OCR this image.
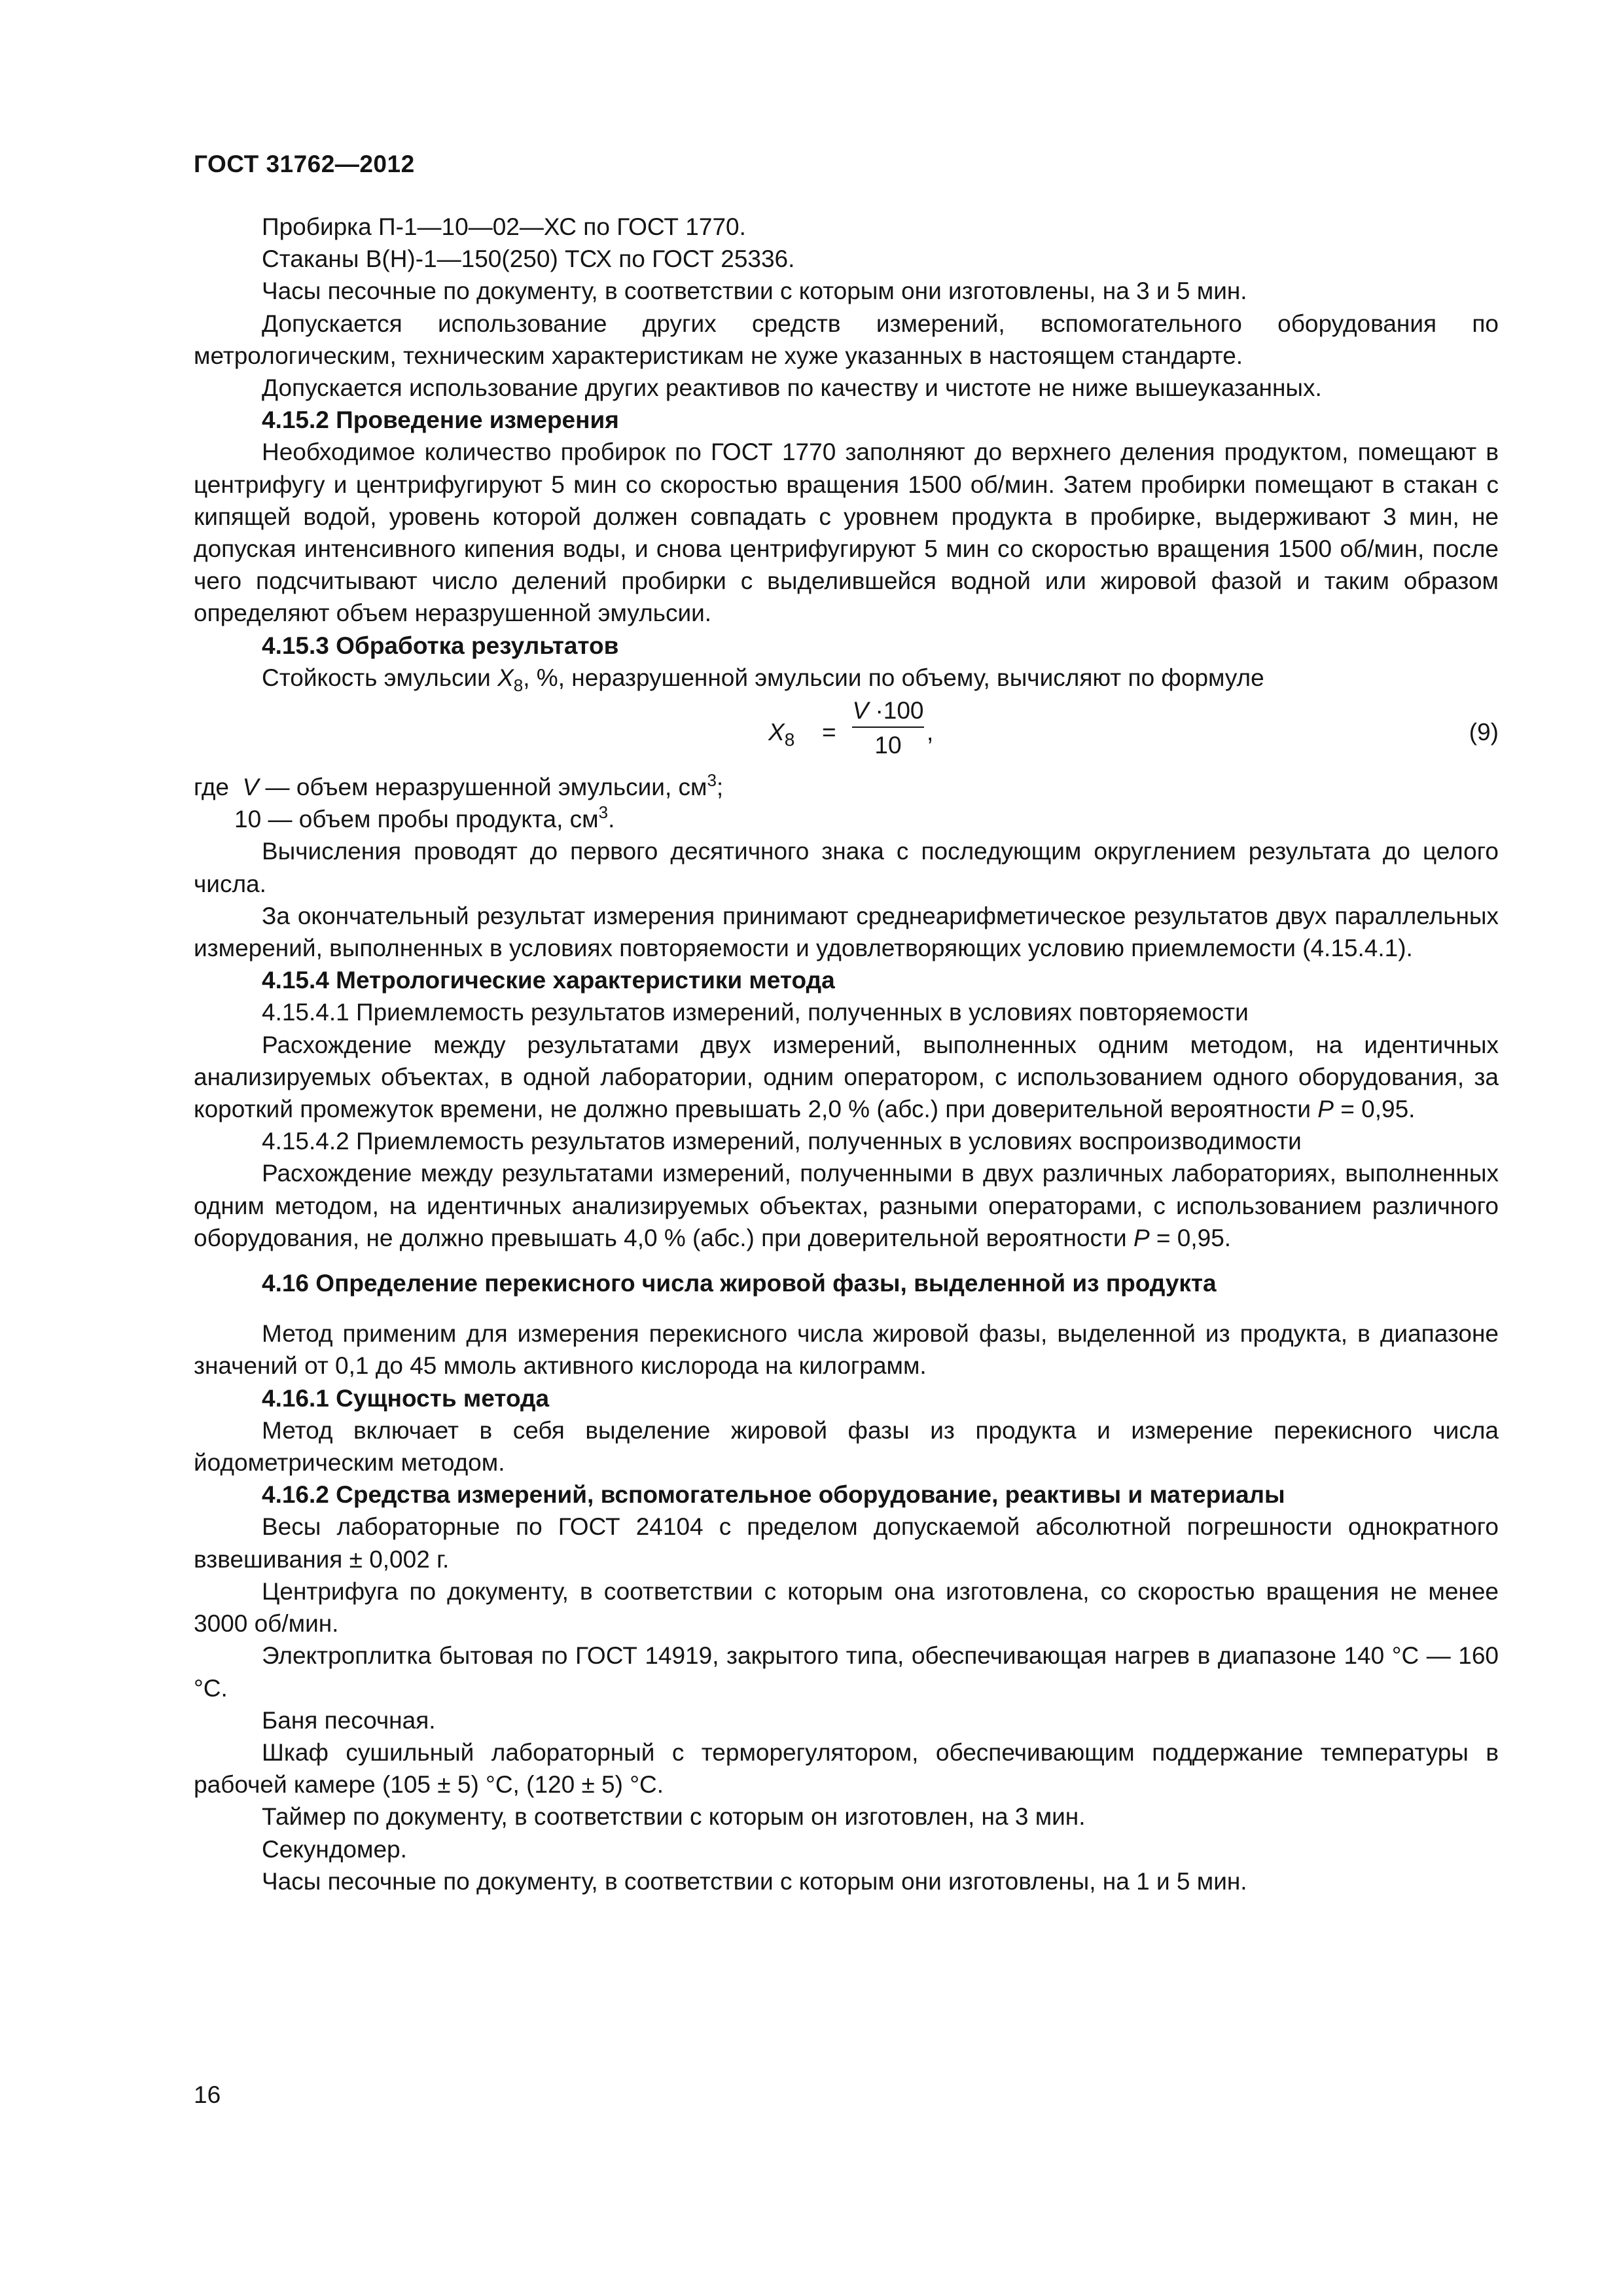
ГОСТ 31762—2012

Пробирка П-1—10—02—ХС по ГОСТ 1770.

Стаканы В(Н)-1—150(250) ТСХ по ГОСТ 25336.

Часы песочные по документу, в соответствии с которым они изготовлены, на 3 и 5 мин.

Допускается использование других средств измерений, вспомогательного оборудования по метрологическим, техническим характеристикам не хуже указанных в настоящем стандарте.

Допускается использование других реактивов по качеству и чистоте не ниже вышеуказанных.

4.15.2 Проведение измерения

Необходимое количество пробирок по ГОСТ 1770 заполняют до верхнего деления продуктом, помещают в центрифугу и центрифугируют 5 мин со скоростью вращения 1500 об/мин. Затем пробирки помещают в стакан с кипящей водой, уровень которой должен совпадать с уровнем продукта в пробирке, выдерживают 3 мин, не допуская интенсивного кипения воды, и снова центрифугируют 5 мин со скоростью вращения 1500 об/мин, после чего подсчитывают число делений пробирки с выделившейся водной или жировой фазой и таким образом определяют объем неразрушенной эмульсии.

4.15.3 Обработка результатов

Стойкость эмульсии $X_8$, %, неразрушенной эмульсии по объему, вычисляют по формуле

$X_8 = \frac{V \cdot 100}{10}$ ,	(9)
где V — объем неразрушенной эмульсии, $см^3$;
10 — объем пробы продукта, $см^3$.

Вычисления проводят до первого десятичного знака с последующим округлением результата до целого числа.

За окончательный результат измерения принимают среднеарифметическое результатов двух параллельных измерений, выполненных в условиях повторяемости и удовлетворяющих условию приемлемости (4.15.4.1).

4.15.4 Метрологические характеристики метода

4.15.4.1 Приемлемость результатов измерений, полученных в условиях повторяемости

Расхождение между результатами двух измерений, выполненных одним методом, на идентичных анализируемых объектах, в одной лаборатории, одним оператором, с использованием одного оборудования, за короткий промежуток времени, не должно превышать 2,0 % (абс.) при доверительной вероятности P = 0,95.

4.15.4.2 Приемлемость результатов измерений, полученных в условиях воспроизводимости

Расхождение между результатами измерений, полученными в двух различных лабораториях, выполненных одним методом, на идентичных анализируемых объектах, разными операторами, с использованием различного оборудования, не должно превышать 4,0 % (абс.) при доверительной вероятности P = 0,95.

4.16 Определение перекисного числа жировой фазы, выделенной из продукта

Метод применим для измерения перекисного числа жировой фазы, выделенной из продукта, в диапазоне значений от 0,1 до 45 ммоль активного кислорода на килограмм.

4.16.1 Сущность метода

Метод включает в себя выделение жировой фазы из продукта и измерение перекисного числа йодометрическим методом.

4.16.2 Средства измерений, вспомогательное оборудование, реактивы и материалы

Весы лабораторные по ГОСТ 24104 с пределом допускаемой абсолютной погрешности однократного взвешивания ± 0,002 г.

Центрифуга по документу, в соответствии с которым она изготовлена, со скоростью вращения не менее 3000 об/мин.

Электроплитка бытовая по ГОСТ 14919, закрытого типа, обеспечивающая нагрев в диапазоне 140 °С — 160 °С.

Баня песочная.

Шкаф сушильный лабораторный с терморегулятором, обеспечивающим поддержание температуры в рабочей камере (105 ± 5) °С, (120 ± 5) °С.

Таймер по документу, в соответствии с которым он изготовлен, на 3 мин.

Секундомер.

Часы песочные по документу, в соответствии с которым они изготовлены, на 1 и 5 мин.

16
